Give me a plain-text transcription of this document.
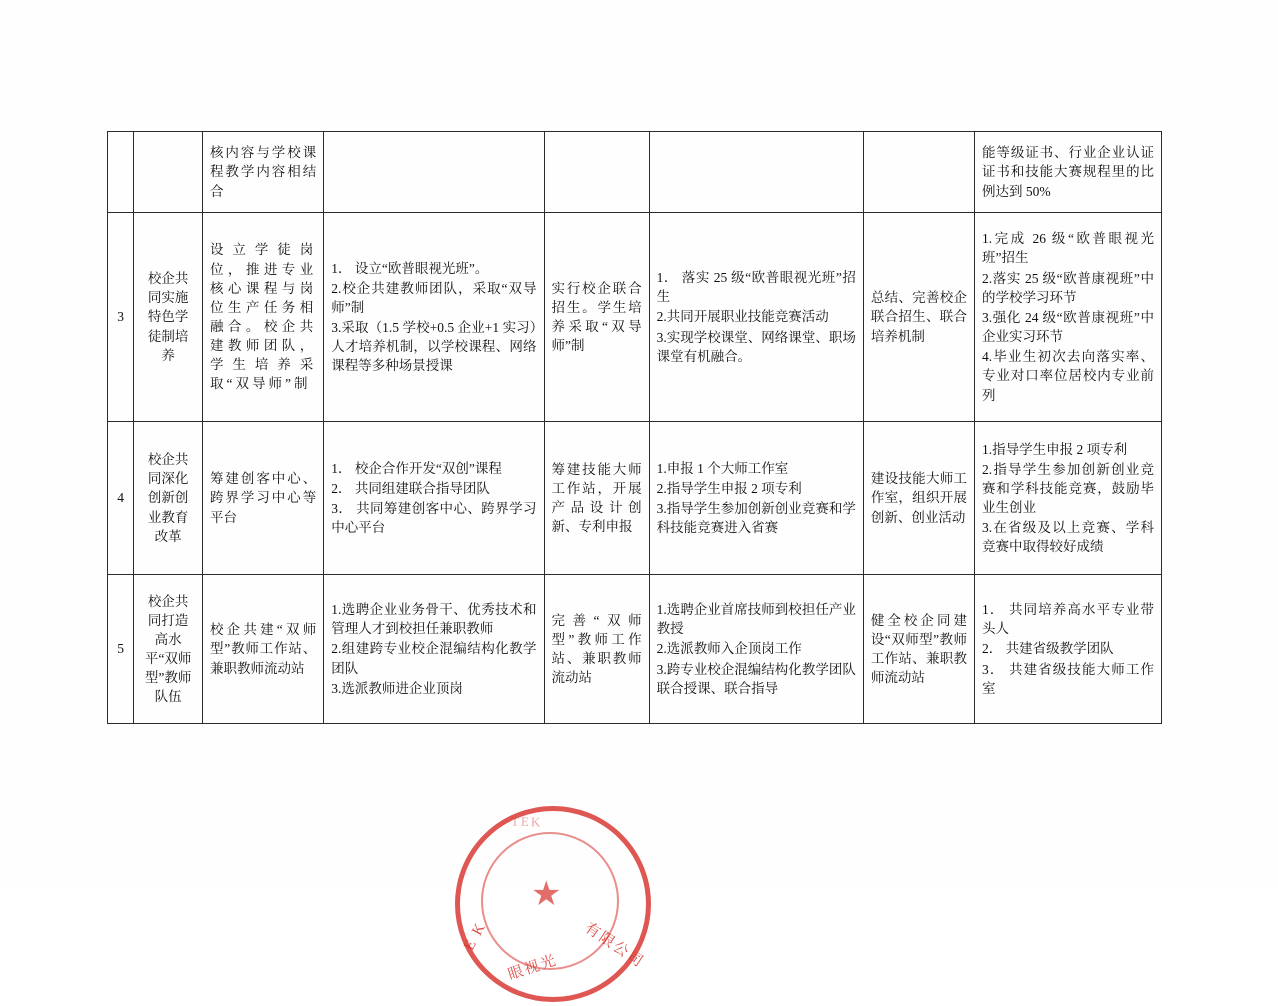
		核内容与学校课程教学内容相结合					能等级证书、行业企业认证证书和技能大赛规程里的比例达到 50%
3	校企共同实施特色学徒制培养	设立学徒岗位，推进专业核心课程与岗位生产任务相融合。校企共建教师团队，学生培养采取“双导师”制	1． 设立“欧普眼视光班”。
2.校企共建教师团队，采取“双导师”制
3.采取（1.5 学校+0.5 企业+1 实习）人才培养机制，以学校课程、网络课程等多种场景授课	实行校企联合招生。学生培养采取“双导师”制	1． 落实 25 级“欧普眼视光班”招生
2.共同开展职业技能竞赛活动
3.实现学校课堂、网络课堂、职场课堂有机融合。	总结、完善校企联合招生、联合培养机制	1.完成 26 级“欧普眼视光班”招生
2.落实 25 级“欧普康视班”中的学校学习环节
3.强化 24 级“欧普康视班”中企业实习环节
4.毕业生初次去向落实率、专业对口率位居校内专业前列

4	校企共同深化创新创业教育改革	筹建创客中心、跨界学习中心等平台	1． 校企合作开发“双创”课程
2． 共同组建联合指导团队
3． 共同筹建创客中心、跨界学习中心平台	筹建技能大师工作站，开展产品设计创新、专利申报	1.申报 1 个大师工作室
2.指导学生申报 2 项专利
3.指导学生参加创新创业竞赛和学科技能竞赛进入省赛	建设技能大师工作室，组织开展创新、创业活动	1.指导学生申报 2 项专利
2.指导学生参加创新创业竞赛和学科技能竞赛，鼓励毕业生创业
3.在省级及以上竞赛、学科竞赛中取得较好成绩

5	校企共同打造高水平“双师型”教师队伍	校企共建“双师型”教师工作站、兼职教师流动站	1.选聘企业业务骨干、优秀技术和管理人才到校担任兼职教师
2.组建跨专业校企混编结构化教学团队
3.选派教师进企业顶岗	完善“双师型”教师工作站、兼职教师流动站	1.选聘企业首席技师到校担任产业教授
2.选派教师入企顶岗工作
3.跨专业校企混编结构化教学团队联合授课、联合指导	健全校企同建设“双师型”教师工作站、兼职教师流动站	1． 共同培养高水平专业带头人
2． 共建省级教学团队
3． 共建省级技能大师工作室
★
TEK
E K
眼视光 有限公司
